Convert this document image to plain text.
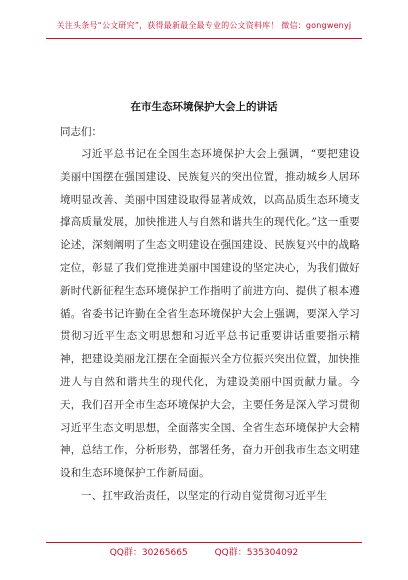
关注头条号“公文研究”，获得最新最全最专业的公文资料库！ 微信：gongwenyj
在市生态环境保护大会上的讲话

同志们：

习近平总书记在全国生态环境保护大会上强调，“要把建设美丽中国摆在强国建设、民族复兴的突出位置，推动城乡人居环境明显改善、美丽中国建设取得显著成效，以高品质生态环境支撑高质量发展，加快推进人与自然和谐共生的现代化。”这一重要论述，深刻阐明了生态文明建设在强国建设、民族复兴中的战略定位，彰显了我们党推进美丽中国建设的坚定决心，为我们做好新时代新征程生态环境保护工作指明了前进方向、提供了根本遵循。省委书记许勤在全省生态环境保护大会上强调，要深入学习贯彻习近平生态文明思想和习近平总书记重要讲话重要指示精神，把建设美丽龙江摆在全面振兴全方位振兴突出位置，加快推进人与自然和谐共生的现代化，为建设美丽中国贡献力量。今天，我们召开全市生态环境保护大会，主要任务是深入学习贯彻习近平生态文明思想，全面落实全国、全省生态环境保护大会精神，总结工作，分析形势，部署任务，奋力开创我市生态文明建设和生态环境保护工作新局面。

一、扛牢政治责任，以坚定的行动自觉贯彻习近平生

QQ群：30265665	QQ群：535304092
